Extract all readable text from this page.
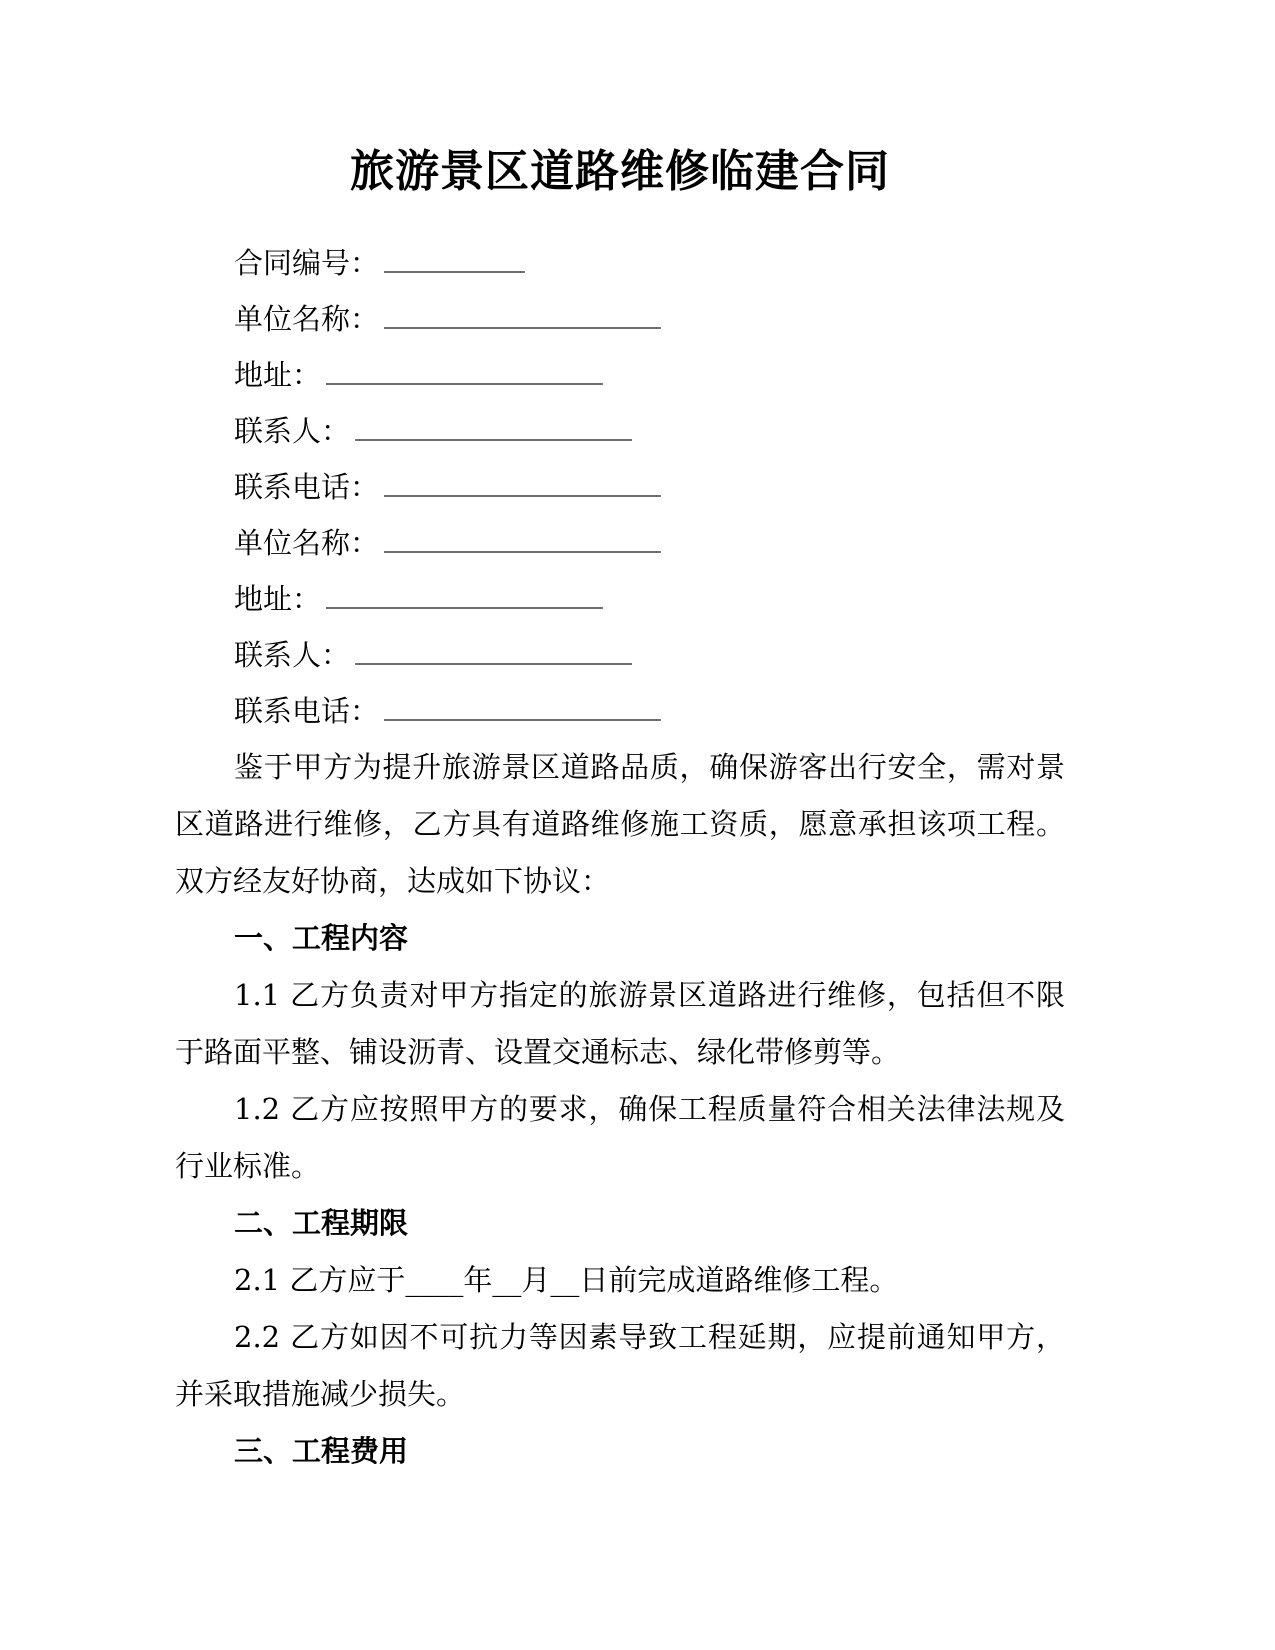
旅游景区道路维修临建合同
合同编号：
单位名称：
地址：
联系人：
联系电话：
单位名称：
地址：
联系人：
联系电话：

鉴于甲方为提升旅游景区道路品质，确保游客出行安全，需对景区道路进行维修，乙方具有道路维修施工资质，愿意承担该项工程。双方经友好协商，达成如下协议：

一、工程内容

1.1 乙方负责对甲方指定的旅游景区道路进行维修，包括但不限于路面平整、铺设沥青、设置交通标志、绿化带修剪等。

1.2 乙方应按照甲方的要求，确保工程质量符合相关法律法规及行业标准。

二、工程期限

2.1 乙方应于____年__月__日前完成道路维修工程。

2.2 乙方如因不可抗力等因素导致工程延期，应提前通知甲方，并采取措施减少损失。

三、工程费用
